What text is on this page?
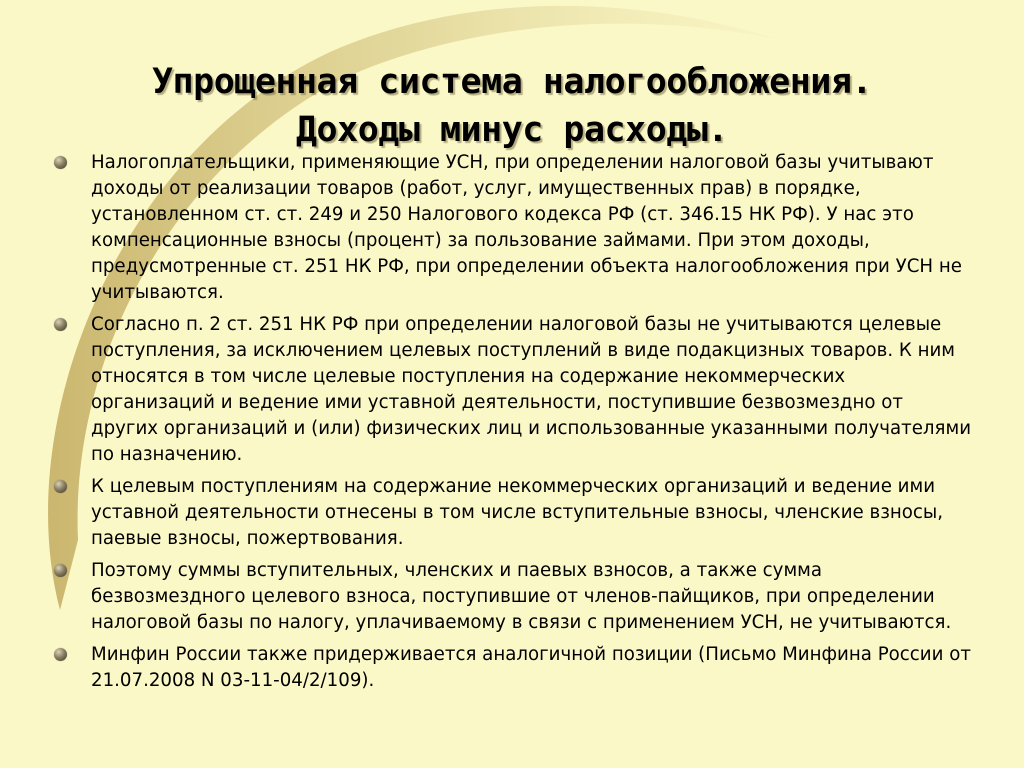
Упрощенная система налогообложения.
Доходы минус расходы.
Налогоплательщики, применяющие УСН, при определении налоговой базы учитывают доходы от реализации товаров (работ, услуг, имущественных прав) в порядке, установленном ст. ст. 249 и 250 Налогового кодекса РФ (ст. 346.15 НК РФ). У нас это компенсационные взносы (процент) за пользование займами. При этом доходы, предусмотренные ст. 251 НК РФ, при определении объекта налогообложения при УСН не учитываются.
Согласно п. 2 ст. 251 НК РФ при определении налоговой базы не учитываются целевые поступления, за исключением целевых поступлений в виде подакцизных товаров. К ним относятся в том числе целевые поступления на содержание некоммерческих организаций и ведение ими уставной деятельности, поступившие безвозмездно от других организаций и (или) физических лиц и использованные указанными получателями по назначению.
К целевым поступлениям на содержание некоммерческих организаций и ведение ими уставной деятельности отнесены в том числе вступительные взносы, членские взносы, паевые взносы, пожертвования.
Поэтому суммы вступительных, членских и паевых взносов, а также сумма безвозмездного целевого взноса, поступившие от членов-пайщиков, при определении налоговой базы по налогу, уплачиваемому в связи с применением УСН, не учитываются.
Минфин России также придерживается аналогичной позиции (Письмо Минфина России от 21.07.2008 N 03-11-04/2/109).
